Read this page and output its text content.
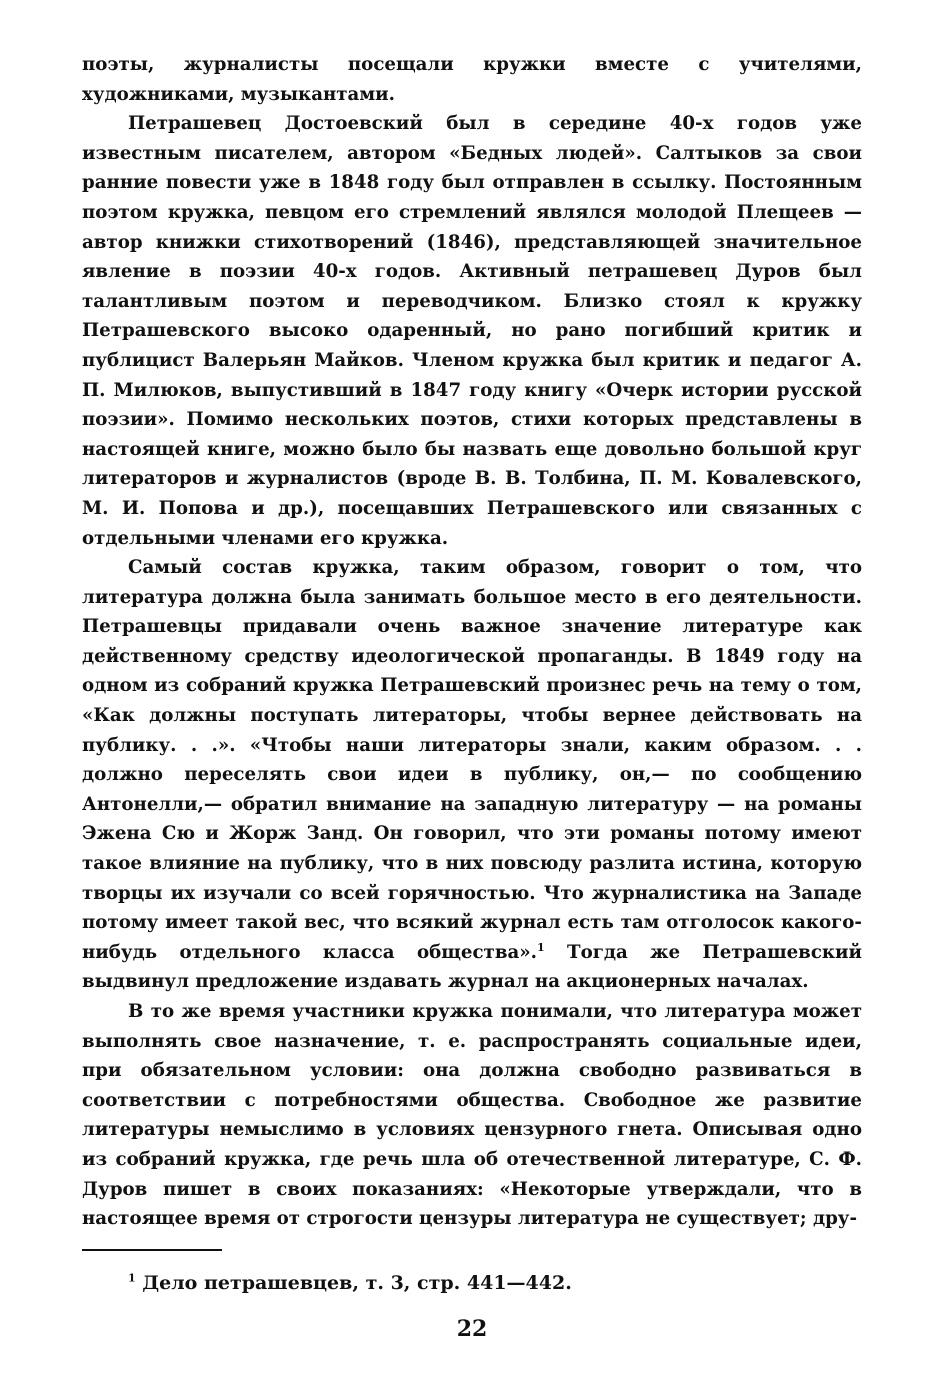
поэты, журналисты посещали кружки вместе с учителями, художниками, музыкантами.

Петрашевец Достоевский был в середине 40-х годов уже известным писателем, автором «Бедных людей». Салтыков за свои ранние повести уже в 1848 году был отправлен в ссылку. Постоянным поэтом кружка, певцом его стремлений являлся молодой Плещеев — автор книжки стихотворений (1846), представляющей значительное явление в поэзии 40-х годов. Активный петрашевец Дуров был талантливым поэтом и переводчиком. Близко стоял к кружку Петрашевского высоко одаренный, но рано погибший критик и публицист Валерьян Майков. Членом кружка был критик и педагог А. П. Милюков, выпустивший в 1847 году книгу «Очерк истории русской поэзии». Помимо нескольких поэтов, стихи которых представлены в настоящей книге, можно было бы назвать еще довольно большой круг литераторов и журналистов (вроде В. В. Толбина, П. М. Ковалевского, М. И. Попова и др.), посещавших Петрашевского или связанных с отдельными членами его кружка.

Самый состав кружка, таким образом, говорит о том, что литература должна была занимать большое место в его деятельности. Петрашевцы придавали очень важное значение литературе как действенному средству идеологической пропаганды. В 1849 году на одном из собраний кружка Петрашевский произнес речь на тему о том, «Как должны поступать литераторы, чтобы вернее действовать на публику. . .». «Чтобы наши литераторы знали, каким образом. . . должно переселять свои идеи в публику, он,— по сообщению Антонелли,— обратил внимание на западную литературу — на романы Эжена Сю и Жорж Занд. Он говорил, что эти романы потому имеют такое влияние на публику, что в них повсюду разлита истина, которую творцы их изучали со всей горячностью. Что журналистика на Западе потому имеет такой вес, что всякий журнал есть там отголосок какого-нибудь отдельного класса общества».$^1$ Тогда же Петрашевский выдвинул предложение издавать журнал на акционерных началах.

В то же время участники кружка понимали, что литература может выполнять свое назначение, т. е. распространять социальные идеи, при обязательном условии: она должна свободно развиваться в соответствии с потребностями общества. Свободное же развитие литературы немыслимо в условиях цензурного гнета. Описывая одно из собраний кружка, где речь шла об отечественной литературе, С. Ф. Дуров пишет в своих показаниях: «Некоторые утверждали, что в настоящее время от строгости цензуры литература не существует; дру-

$^1$ Дело петрашевцев, т. 3, стр. 441—442.
22
